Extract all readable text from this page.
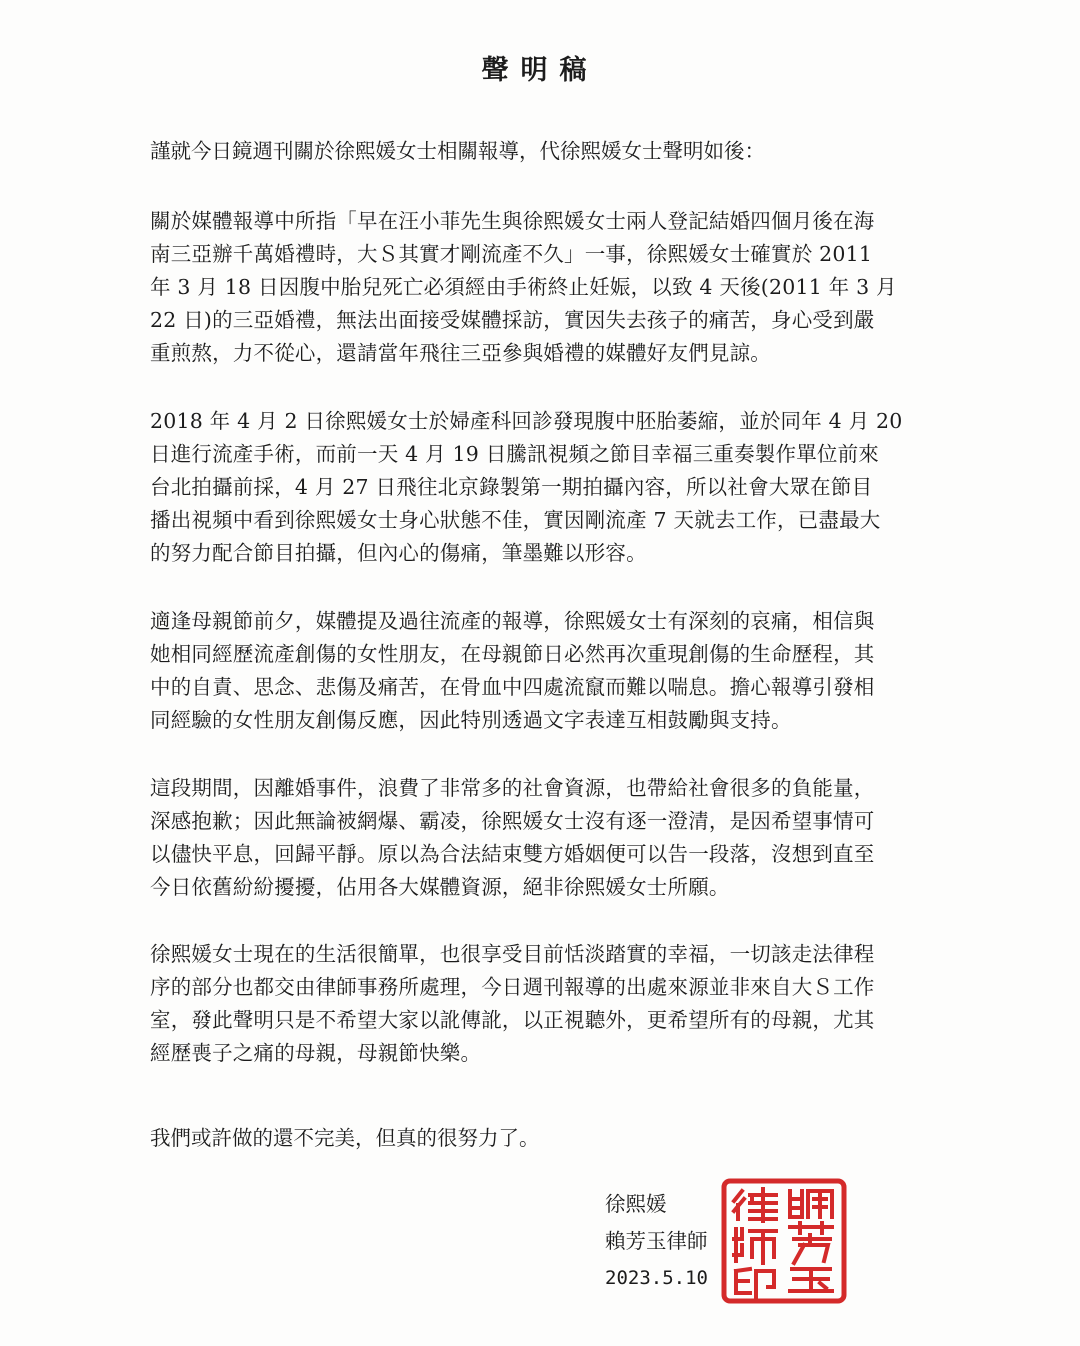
聲明稿
謹就今日鏡週刊關於徐熙媛女士相關報導，代徐熙媛女士聲明如後：
關於媒體報導中所指「早在汪小菲先生與徐熙媛女士兩人登記結婚四個月後在海
南三亞辦千萬婚禮時，大Ｓ其實才剛流產不久」一事，徐熙媛女士確實於 2011
年 3 月 18 日因腹中胎兒死亡必須經由手術終止妊娠，以致 4 天後(2011 年 3 月
22 日)的三亞婚禮，無法出面接受媒體採訪，實因失去孩子的痛苦，身心受到嚴
重煎熬，力不從心，還請當年飛往三亞參與婚禮的媒體好友們見諒。
2018 年 4 月 2 日徐熙媛女士於婦產科回診發現腹中胚胎萎縮，並於同年 4 月 20
日進行流產手術，而前一天 4 月 19 日騰訊視頻之節目幸福三重奏製作單位前來
台北拍攝前採，4 月 27 日飛往北京錄製第一期拍攝內容，所以社會大眾在節目
播出視頻中看到徐熙媛女士身心狀態不佳，實因剛流產 7 天就去工作，已盡最大
的努力配合節目拍攝，但內心的傷痛，筆墨難以形容。
適逢母親節前夕，媒體提及過往流產的報導，徐熙媛女士有深刻的哀痛，相信與
她相同經歷流產創傷的女性朋友，在母親節日必然再次重現創傷的生命歷程，其
中的自責、思念、悲傷及痛苦，在骨血中四處流竄而難以喘息。擔心報導引發相
同經驗的女性朋友創傷反應，因此特別透過文字表達互相鼓勵與支持。
這段期間，因離婚事件，浪費了非常多的社會資源，也帶給社會很多的負能量，
深感抱歉；因此無論被網爆、霸凌，徐熙媛女士沒有逐一澄清，是因希望事情可
以儘快平息，回歸平靜。原以為合法結束雙方婚姻便可以告一段落，沒想到直至
今日依舊紛紛擾擾，佔用各大媒體資源，絕非徐熙媛女士所願。
徐熙媛女士現在的生活很簡單，也很享受目前恬淡踏實的幸福，一切該走法律程
序的部分也都交由律師事務所處理，今日週刊報導的出處來源並非來自大Ｓ工作
室，發此聲明只是不希望大家以訛傳訛，以正視聽外，更希望所有的母親，尤其
經歷喪子之痛的母親，母親節快樂。
我們或許做的還不完美，但真的很努力了。
徐熙媛
賴芳玉律師
2023.5.10
